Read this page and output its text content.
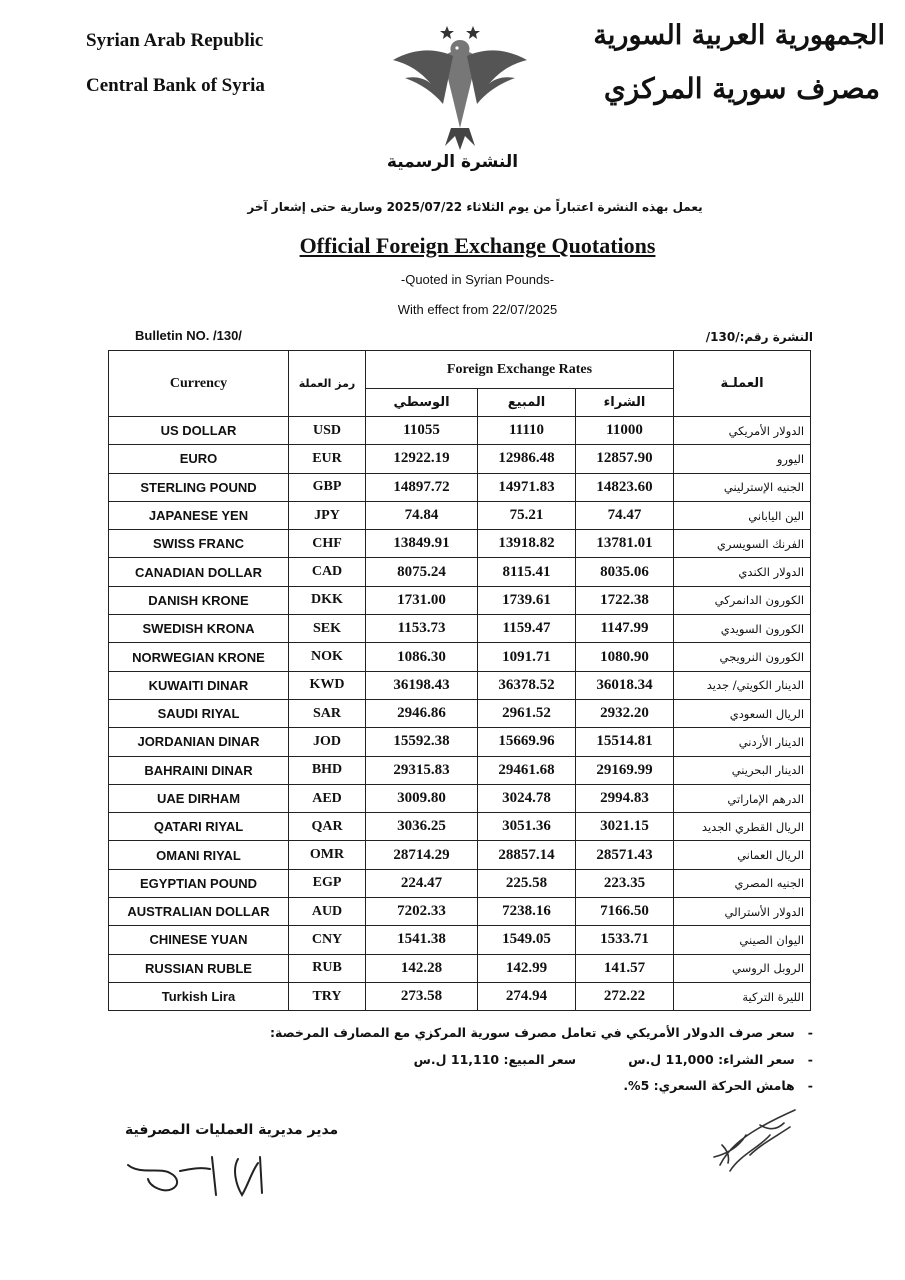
Syrian Arab Republic
Central Bank of Syria
الجمهورية العربية السورية
مصرف سورية المركزي
النشرة الرسمية
يعمل بهذه النشرة اعتباراً من يوم الثلاثاء 2025/07/22 وسارية حتى إشعار آخر
Official Foreign Exchange Quotations
-Quoted in Syrian Pounds-
With effect from 22/07/2025
Bulletin NO. /130/	النشرة رقم:/130/
Currency	رمز العملة	Foreign Exchange Rates			العملـة
		الوسطي	المبيع	الشراء	
US DOLLAR	USD	11055	11110	11000	الدولار الأمريكي
EURO	EUR	12922.19	12986.48	12857.90	اليورو
STERLING POUND	GBP	14897.72	14971.83	14823.60	الجنيه الإسترليني
JAPANESE YEN	JPY	74.84	75.21	74.47	الين الياباني
SWISS FRANC	CHF	13849.91	13918.82	13781.01	الفرنك السويسري
CANADIAN DOLLAR	CAD	8075.24	8115.41	8035.06	الدولار الكندي
DANISH KRONE	DKK	1731.00	1739.61	1722.38	الكورون الدانمركي
SWEDISH KRONA	SEK	1153.73	1159.47	1147.99	الكورون السويدي
NORWEGIAN KRONE	NOK	1086.30	1091.71	1080.90	الكورون النرويجي
KUWAITI DINAR	KWD	36198.43	36378.52	36018.34	الدينار الكويتي/ جديد
SAUDI RIYAL	SAR	2946.86	2961.52	2932.20	الريال السعودي
JORDANIAN DINAR	JOD	15592.38	15669.96	15514.81	الدينار الأردني
BAHRAINI DINAR	BHD	29315.83	29461.68	29169.99	الدينار البحريني
UAE DIRHAM	AED	3009.80	3024.78	2994.83	الدرهم الإماراتي
QATARI RIYAL	QAR	3036.25	3051.36	3021.15	الريال القطري الجديد
OMANI RIYAL	OMR	28714.29	28857.14	28571.43	الريال العماني
EGYPTIAN POUND	EGP	224.47	225.58	223.35	الجنيه المصري
AUSTRALIAN DOLLAR	AUD	7202.33	7238.16	7166.50	الدولار الأسترالي
CHINESE YUAN	CNY	1541.38	1549.05	1533.71	اليوان الصيني
RUSSIAN RUBLE	RUB	142.28	142.99	141.57	الروبل الروسي
Turkish Lira	TRY	273.58	274.94	272.22	الليرة التركية
-   سعر صرف الدولار الأمريكي في تعامل مصرف سورية المركزي مع المصارف المرخصة:
-   سعر الشراء: 11,000 ل.س            سعر المبيع: 11,110 ل.س
-   هامش الحركة السعري: 5%.
مدير مديرية العمليات المصرفية
